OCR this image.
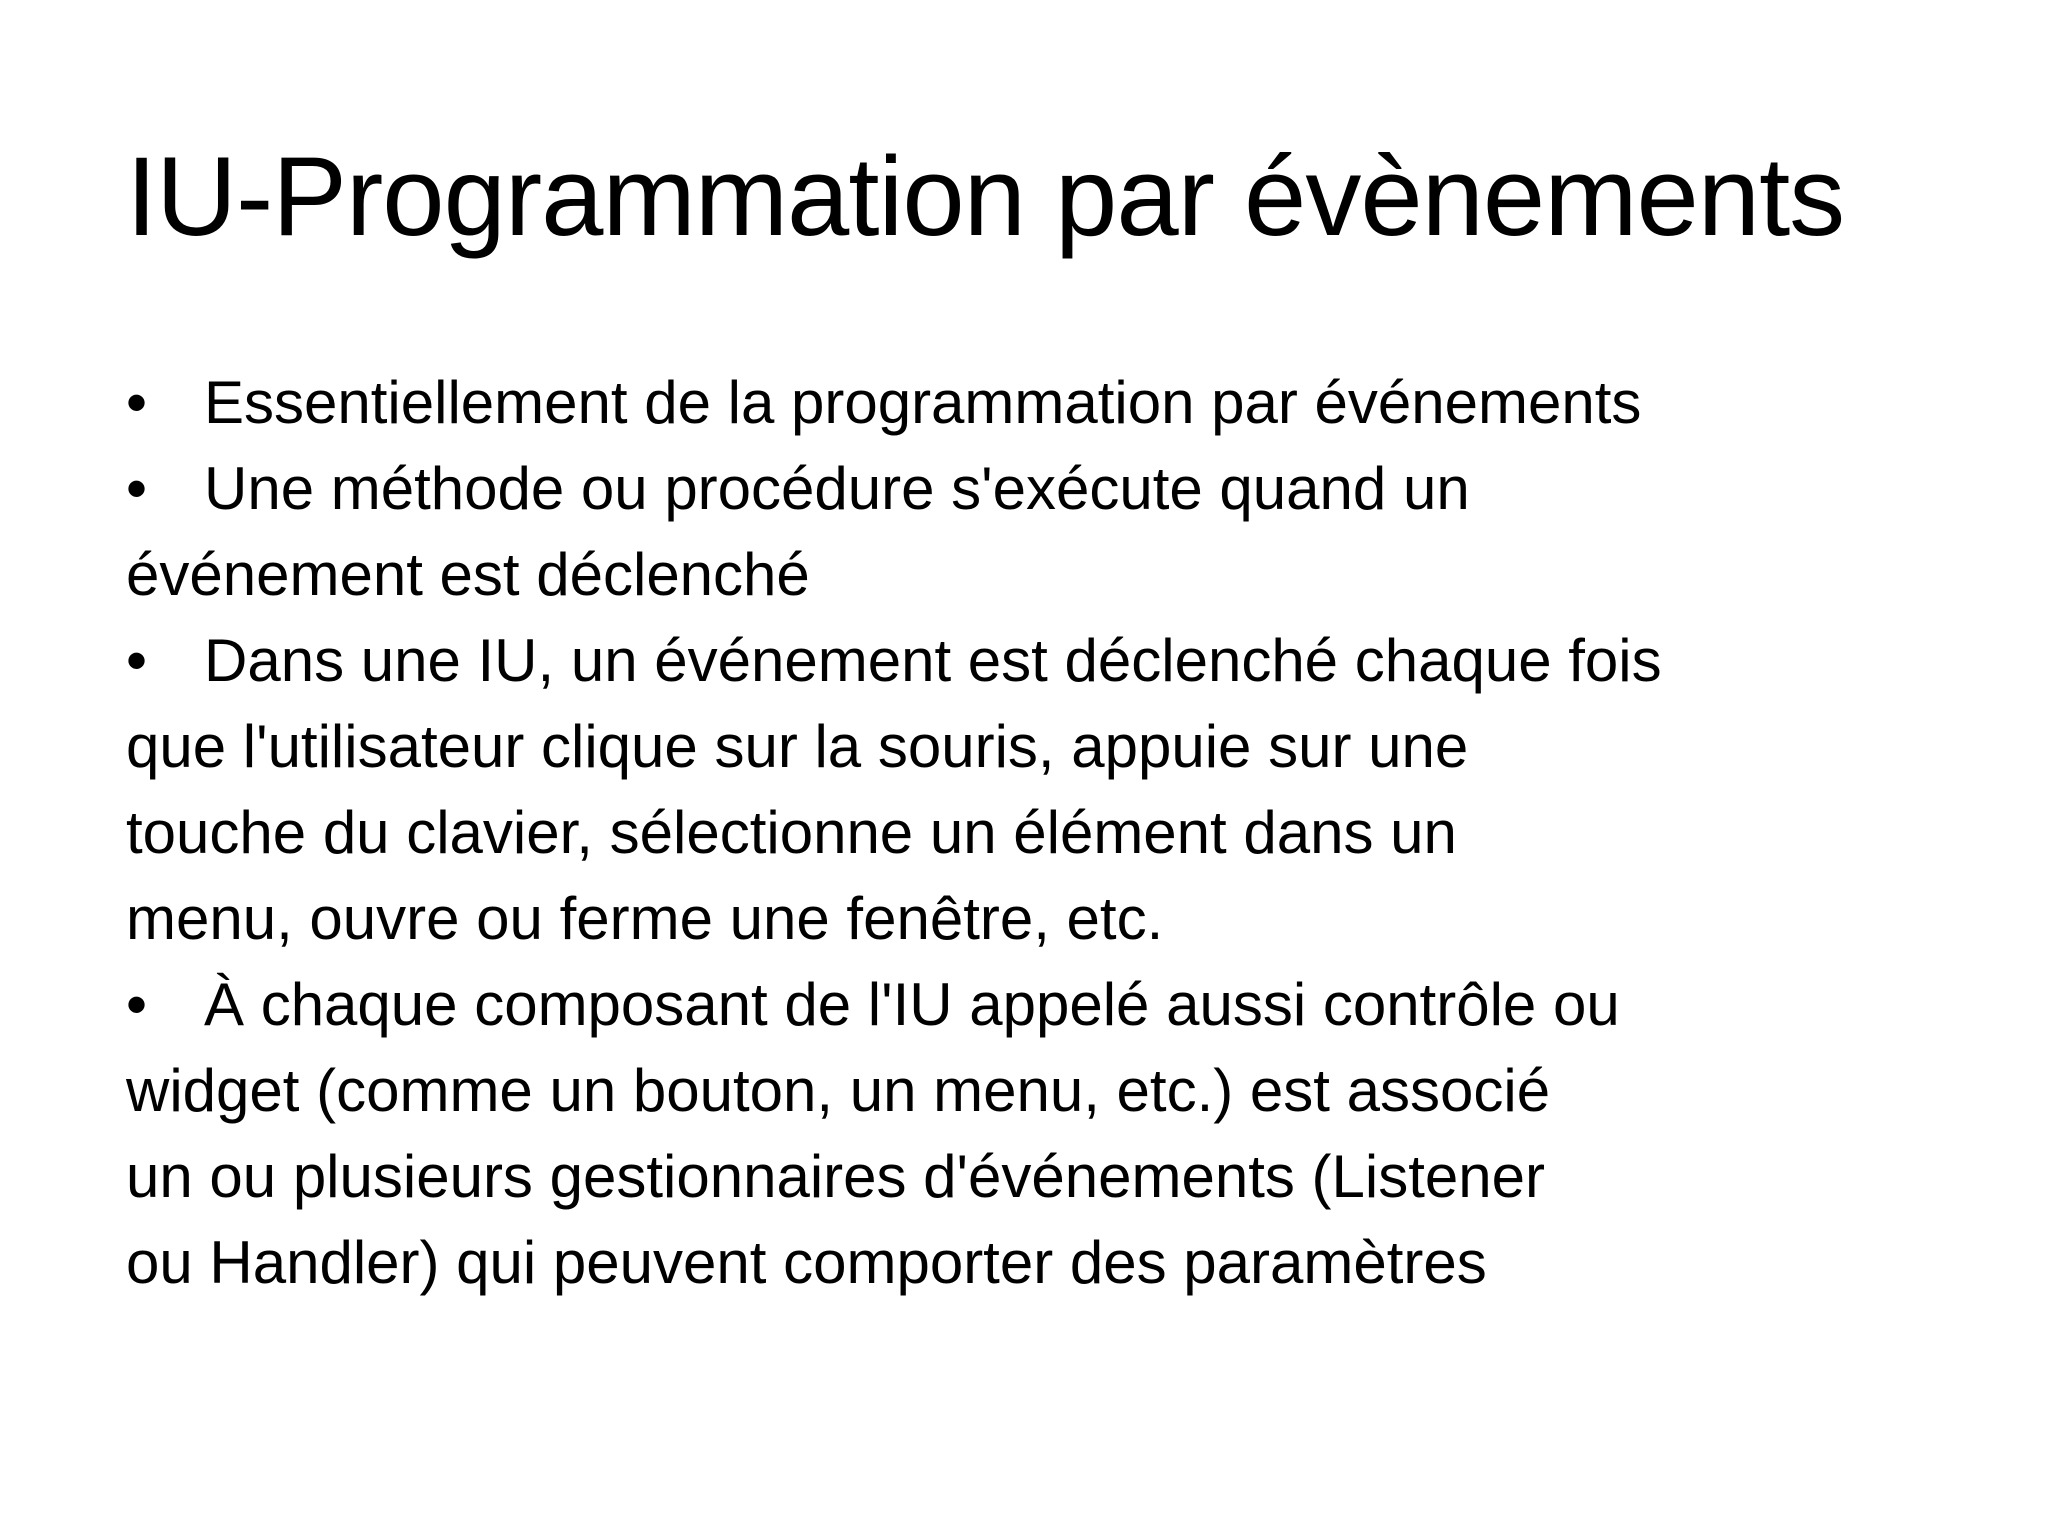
IU-Programmation par évènements
• Essentiellement de la programmation par événements
• Une méthode ou procédure s'exécute quand un
événement est déclenché
• Dans une IU, un événement est déclenché chaque fois
que l'utilisateur clique sur la souris, appuie sur une
touche du clavier, sélectionne un élément dans un
menu, ouvre ou ferme une fenêtre, etc.
• À chaque composant de l'IU appelé aussi contrôle ou
widget (comme un bouton, un menu, etc.) est associé
un ou plusieurs gestionnaires d'événements (Listener
ou Handler) qui peuvent comporter des paramètres
